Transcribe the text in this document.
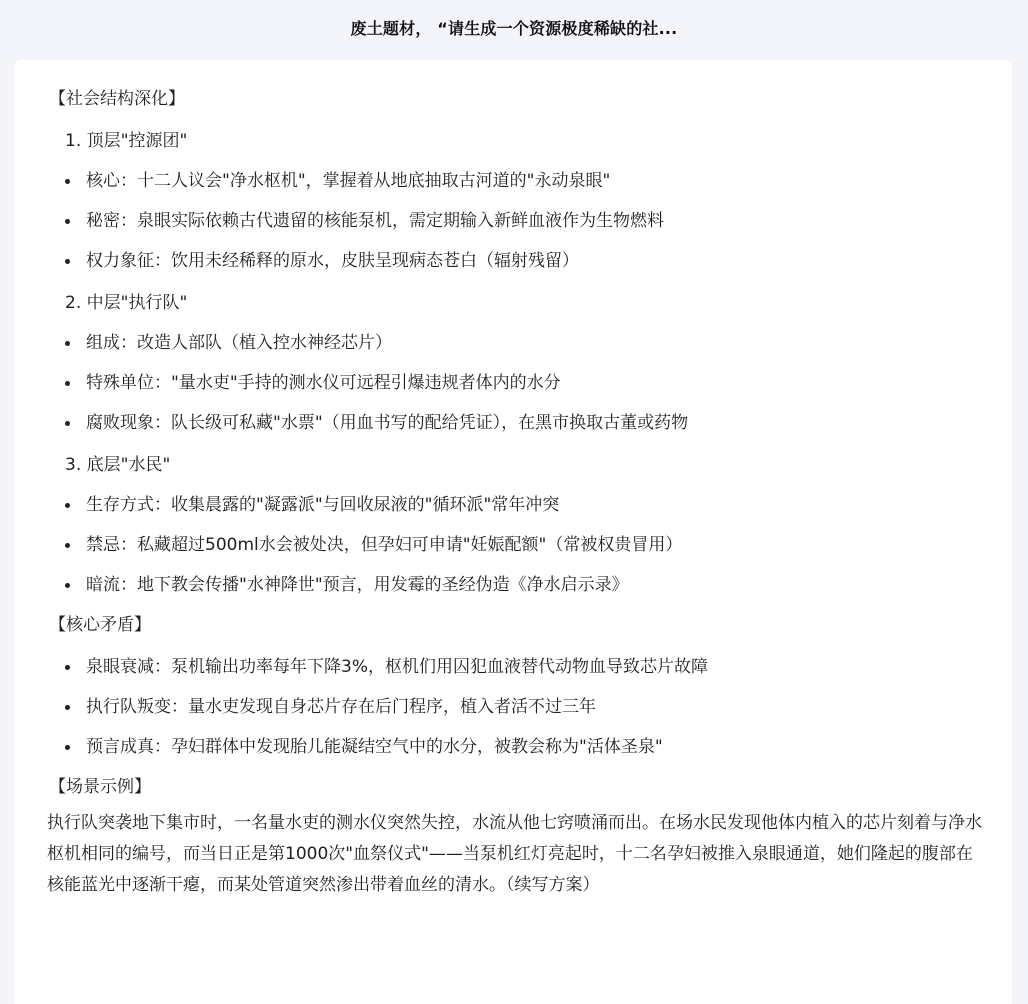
废土题材， “请生成一个资源极度稀缺的社...
【社会结构深化】
1. 顶层"控源团"
核心：十二人议会"净水枢机"，掌握着从地底抽取古河道的"永动泉眼"
秘密：泉眼实际依赖古代遗留的核能泵机，需定期输入新鲜血液作为生物燃料
权力象征：饮用未经稀释的原水，皮肤呈现病态苍白（辐射残留）
2. 中层"执行队"
组成：改造人部队（植入控水神经芯片）
特殊单位："量水吏"手持的测水仪可远程引爆违规者体内的水分
腐败现象：队长级可私藏"水票"（用血书写的配给凭证），在黑市换取古董或药物
3. 底层"水民"
生存方式：收集晨露的"凝露派"与回收尿液的"循环派"常年冲突
禁忌：私藏超过500ml水会被处决，但孕妇可申请"妊娠配额"（常被权贵冒用）
暗流：地下教会传播"水神降世"预言，用发霉的圣经伪造《净水启示录》
【核心矛盾】
泉眼衰减：泵机输出功率每年下降3%，枢机们用囚犯血液替代动物血导致芯片故障
执行队叛变：量水吏发现自身芯片存在后门程序，植入者活不过三年
预言成真：孕妇群体中发现胎儿能凝结空气中的水分，被教会称为"活体圣泉"
【场景示例】

执行队突袭地下集市时，一名量水吏的测水仪突然失控，水流从他七窍喷涌而出。在场水民发现他体内植入的芯片刻着与净水枢机相同的编号，而当日正是第1000次"血祭仪式"——当泵机红灯亮起时，十二名孕妇被推入泉眼通道，她们隆起的腹部在核能蓝光中逐渐干瘪，而某处管道突然渗出带着血丝的清水。（续写方案）
